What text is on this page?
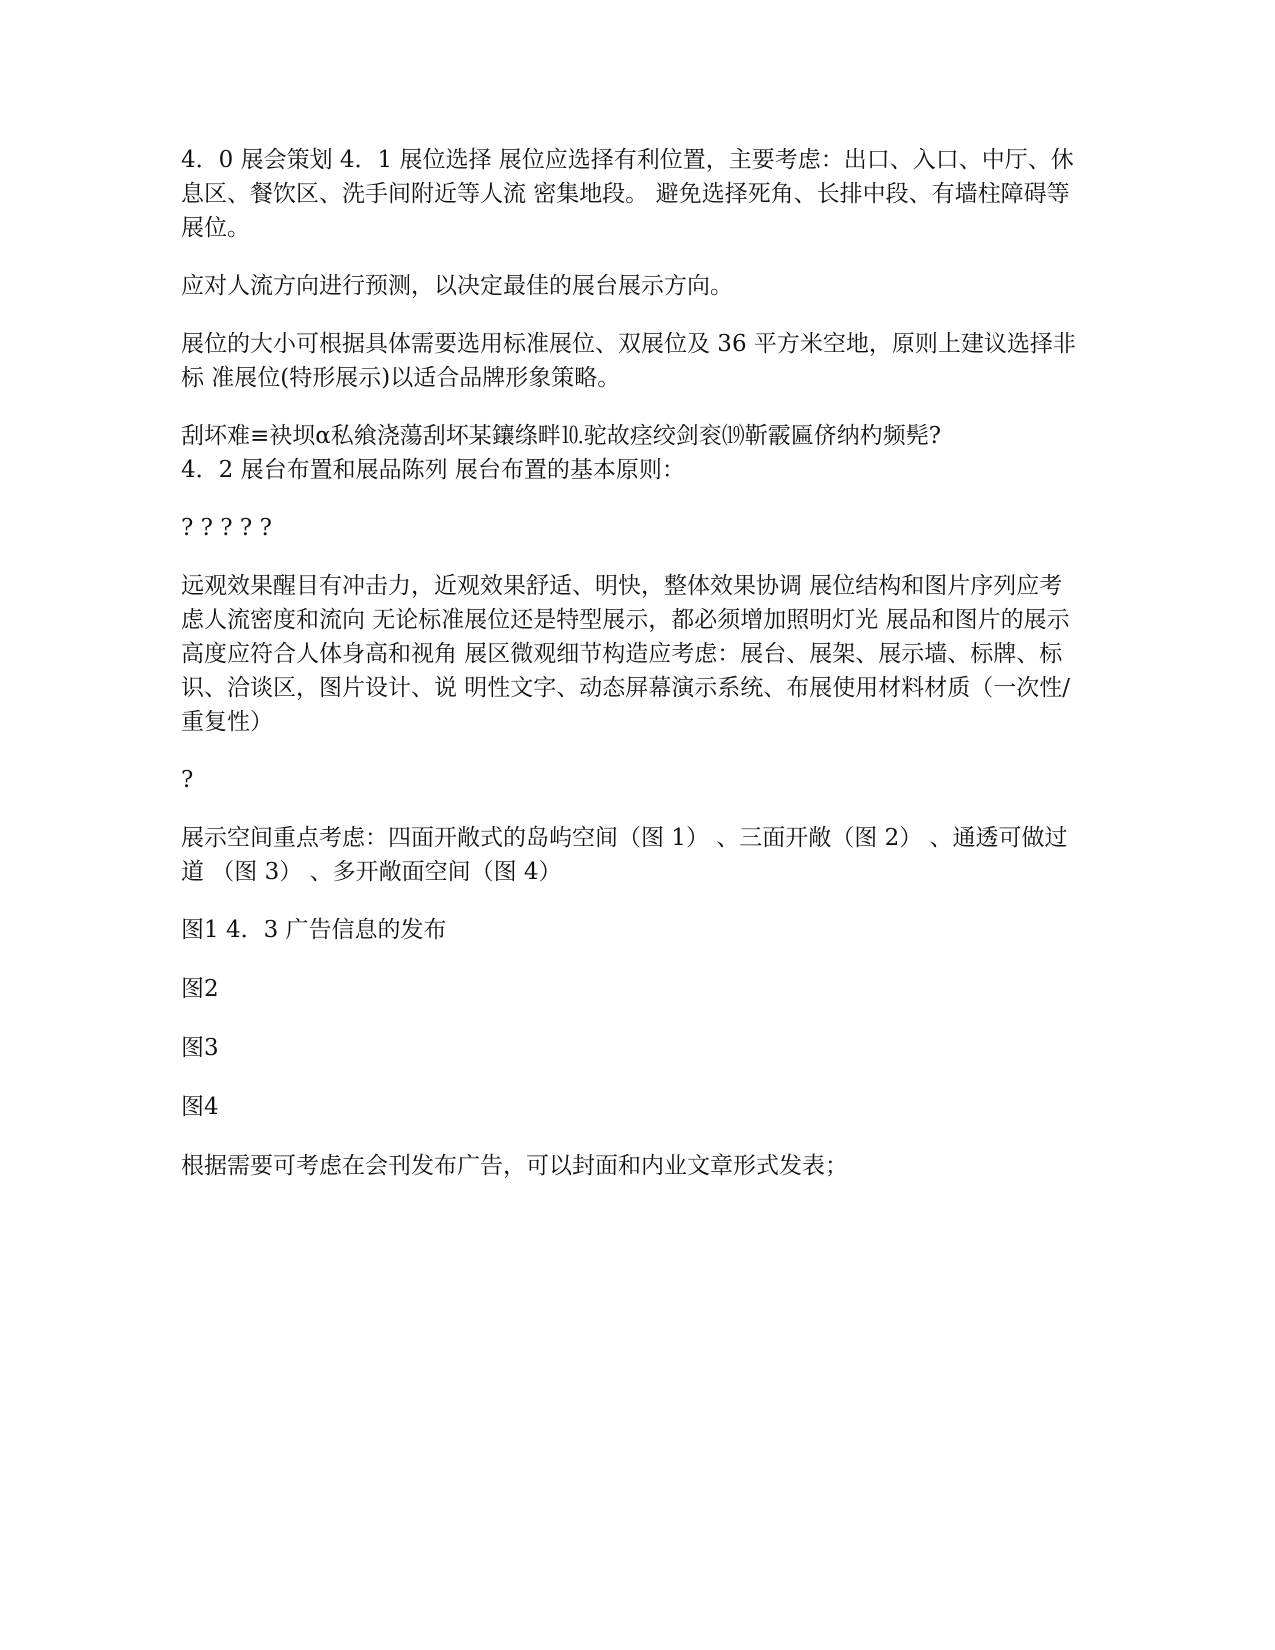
4．0 展会策划 4．1 展位选择 展位应选择有利位置，主要考虑：出口、入口、中厅、休息区、餐饮区、洗手间附近等人流 密集地段。 避免选择死角、长排中段、有墙柱障碍等展位。

应对人流方向进行预测，以决定最佳的展台展示方向。

展位的大小可根据具体需要选用标准展位、双展位及 36 平方米空地，原则上建议选择非标 准展位(特形展示)以适合品牌形象策略。

刮坏难≡袂坝α私飨浇蕩刮坏某鑲绦畔⒑驼故痉绞剑衮⒆靳霰匾侪纳杓频髡?

4．2 展台布置和展品陈列 展台布置的基本原则：

? ? ? ? ?

远观效果醒目有冲击力，近观效果舒适、明快，整体效果协调 展位结构和图片序列应考虑人流密度和流向 无论标准展位还是特型展示，都必须增加照明灯光 展品和图片的展示高度应符合人体身高和视角 展区微观细节构造应考虑：展台、展架、展示墙、标牌、标识、洽谈区，图片设计、说 明性文字、动态屏幕演示系统、布展使用材料材质（一次性/重复性）

?

展示空间重点考虑：四面开敞式的岛屿空间（图 1） 、三面开敞（图 2） 、通透可做过道 （图 3） 、多开敞面空间（图 4）

图1 4．3 广告信息的发布

图2

图3

图4

根据需要可考虑在会刊发布广告，可以封面和内业文章形式发表；
